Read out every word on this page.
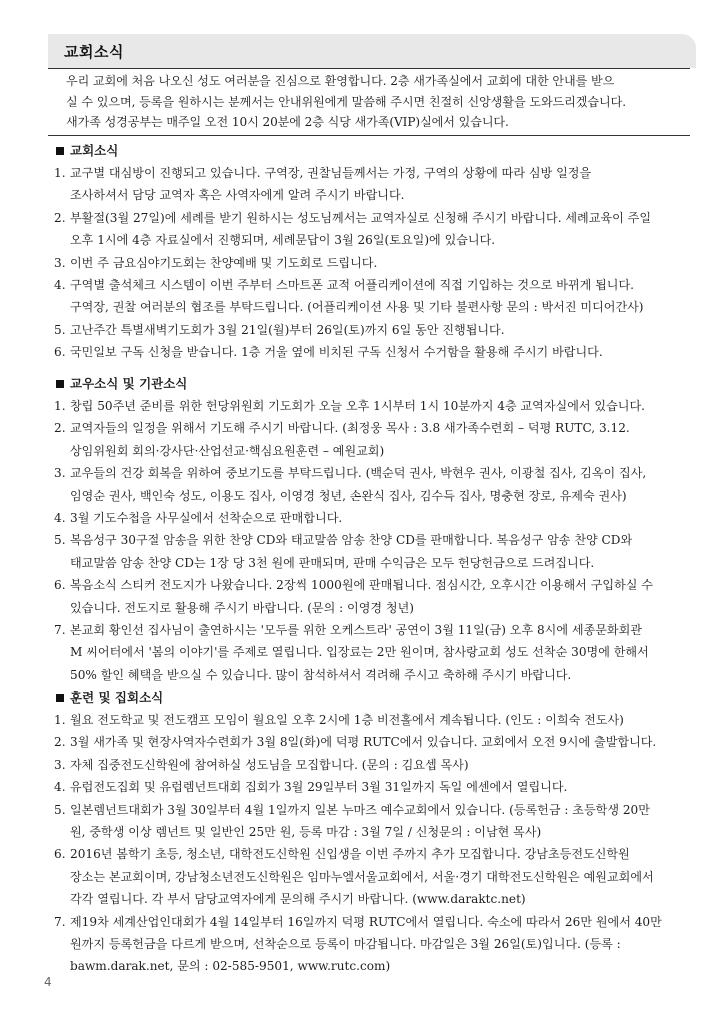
교회소식

우리 교회에 처음 나오신 성도 여러분을 진심으로 환영합니다. 2층 새가족실에서 교회에 대한 안내를 받으

실 수 있으며, 등록을 원하시는 분께서는 안내위원에게 말씀해 주시면 친절히 신앙생활을 도와드리겠습니다.

새가족 성경공부는 매주일 오전 10시 20분에 2층 식당 새가족(VIP)실에서 있습니다.

교회소식
1. 교구별 대심방이 진행되고 있습니다. 구역장, 권찰님들께서는 가정, 구역의 상황에 따라 심방 일정을
조사하셔서 담당 교역자 혹은 사역자에게 알려 주시기 바랍니다.
2. 부활절(3월 27일)에 세례를 받기 원하시는 성도님께서는 교역자실로 신청해 주시기 바랍니다. 세례교육이 주일
오후 1시에 4층 자료실에서 진행되며, 세례문답이 3월 26일(토요일)에 있습니다.
3. 이번 주 금요심야기도회는 찬양예배 및 기도회로 드립니다.
4. 구역별 출석체크 시스템이 이번 주부터 스마트폰 교적 어플리케이션에 직접 기입하는 것으로 바뀌게 됩니다.
구역장, 권찰 여러분의 협조를 부탁드립니다. (어플리케이션 사용 및 기타 불편사항 문의 : 박서진 미디어간사)
5. 고난주간 특별새벽기도회가 3월 21일(월)부터 26일(토)까지 6일 동안 진행됩니다.
6. 국민일보 구독 신청을 받습니다. 1층 거울 옆에 비치된 구독 신청서 수거함을 활용해 주시기 바랍니다.
교우소식 및 기관소식
1. 창립 50주년 준비를 위한 헌당위원회 기도회가 오늘 오후 1시부터 1시 10분까지 4층 교역자실에서 있습니다.
2. 교역자들의 일정을 위해서 기도해 주시기 바랍니다. (최정웅 목사 : 3.8 새가족수련회 – 덕평 RUTC, 3.12.
상임위원회 회의·강사단·산업선교·핵심요원훈련 – 예원교회)
3. 교우들의 건강 회복을 위하여 중보기도를 부탁드립니다. (백순덕 권사, 박현우 권사, 이광철 집사, 김옥이 집사,
임영순 권사, 백인숙 성도, 이용도 집사, 이영경 청년, 손완식 집사, 김수득 집사, 명충현 장로, 유제숙 권사)
4. 3월 기도수첩을 사무실에서 선착순으로 판매합니다.
5. 복음성구 30구절 암송을 위한 찬양 CD와 태교말씀 암송 찬양 CD를 판매합니다. 복음성구 암송 찬양 CD와
태교말씀 암송 찬양 CD는 1장 당 3천 원에 판매되며, 판매 수익금은 모두 헌당헌금으로 드려집니다.
6. 복음소식 스티커 전도지가 나왔습니다. 2장씩 1000원에 판매됩니다. 점심시간, 오후시간 이용해서 구입하실 수
있습니다. 전도지로 활용해 주시기 바랍니다. (문의 : 이영경 청년)
7. 본교회 황인선 집사님이 출연하시는 '모두를 위한 오케스트라' 공연이 3월 11일(금) 오후 8시에 세종문화회관
M 씨어터에서 '봄의 이야기'를 주제로 열립니다. 입장료는 2만 원이며, 참사랑교회 성도 선착순 30명에 한해서
50% 할인 혜택을 받으실 수 있습니다. 많이 참석하셔서 격려해 주시고 축하해 주시기 바랍니다.
훈련 및 집회소식
1. 월요 전도학교 및 전도캠프 모임이 월요일 오후 2시에 1층 비전홀에서 계속됩니다. (인도 : 이희숙 전도사)
2. 3월 새가족 및 현장사역자수련회가 3월 8일(화)에 덕평 RUTC에서 있습니다. 교회에서 오전 9시에 출발합니다.
3. 자체 집중전도신학원에 참여하실 성도님을 모집합니다. (문의 : 김요셉 목사)
4. 유럽전도집회 및 유럽렘넌트대회 집회가 3월 29일부터 3월 31일까지 독일 에센에서 열립니다.
5. 일본렘넌트대회가 3월 30일부터 4월 1일까지 일본 누마즈 예수교회에서 있습니다. (등록헌금 : 초등학생 20만
원, 중학생 이상 렘넌트 및 일반인 25만 원, 등록 마감 : 3월 7일 / 신청문의 : 이남현 목사)
6. 2016년 봄학기 초등, 청소년, 대학전도신학원 신입생을 이번 주까지 추가 모집합니다. 강남초등전도신학원
장소는 본교회이며, 강남청소년전도신학원은 임마누엘서울교회에서, 서울·경기 대학전도신학원은 예원교회에서
각각 열립니다. 각 부서 담당교역자에게 문의해 주시기 바랍니다. (www.daraktc.net)
7. 제19차 세계산업인대회가 4월 14일부터 16일까지 덕평 RUTC에서 열립니다. 숙소에 따라서 26만 원에서 40만
원까지 등록헌금을 다르게 받으며, 선착순으로 등록이 마감됩니다. 마감일은 3월 26일(토)입니다. (등록 :
bawm.darak.net, 문의 : 02-585-9501, www.rutc.com)
4
